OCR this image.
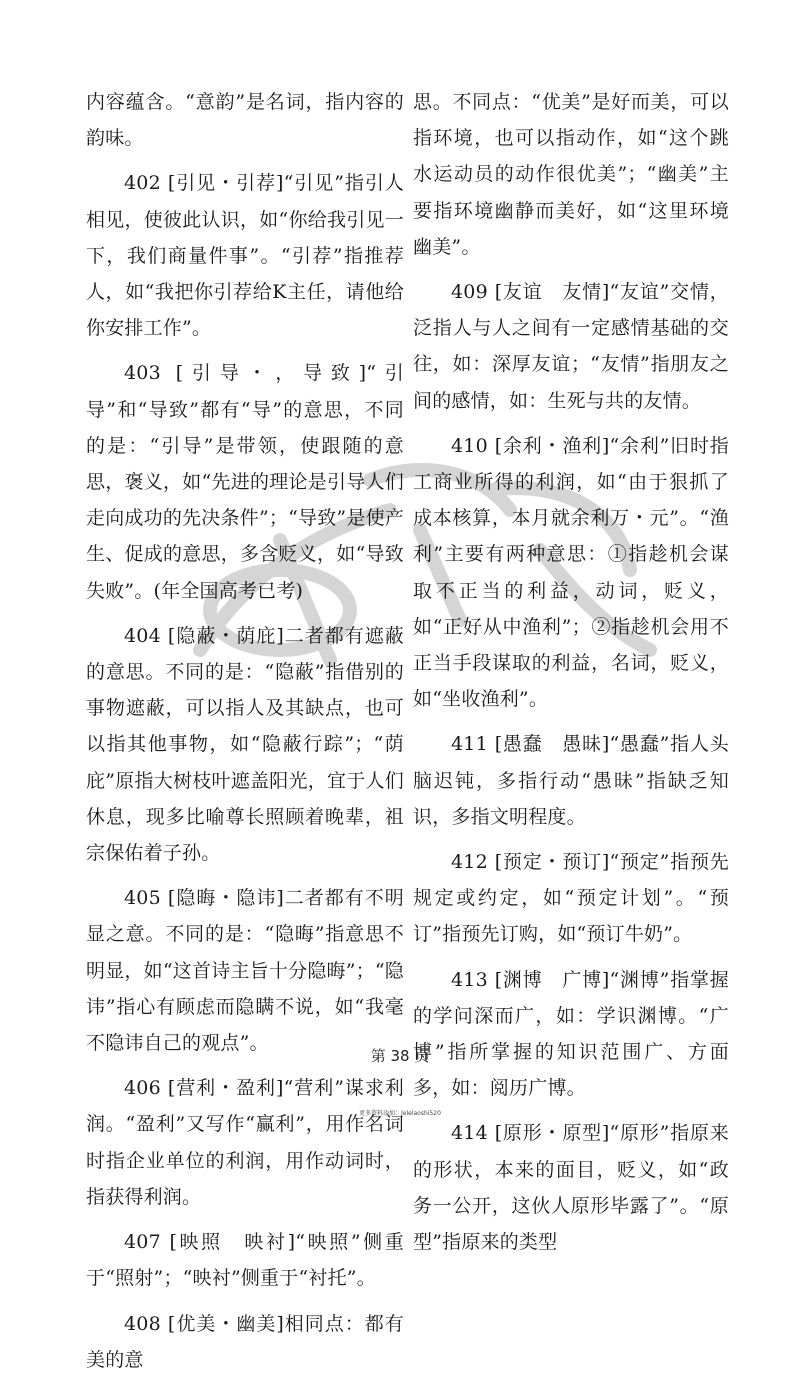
内容蕴含。“意韵”是名词，指内容的韵味。

402 [引见・引荐]“引见”指引人相见，使彼此认识，如“你给我引见一下，我们商量件事”。“引荐”指推荐人，如“我把你引荐给K主任，请他给你安排工作”。

403 [引导・，导致]“引导”和“导致”都有“导”的意思，不同的是：“引导”是带领，使跟随的意思，褒义，如“先进的理论是引导人们走向成功的先决条件”；“导致”是使产生、促成的意思，多含贬义，如“导致失败”。(年全国高考已考)

404 [隐蔽・荫庇]二者都有遮蔽的意思。不同的是：“隐蔽”指借别的事物遮蔽，可以指人及其缺点，也可以指其他事物，如“隐蔽行踪”；“荫庇”原指大树枝叶遮盖阳光，宜于人们休息，现多比喻尊长照顾着晚辈，祖宗保佑着子孙。

405 [隐晦・隐讳]二者都有不明显之意。不同的是：“隐晦”指意思不明显，如“这首诗主旨十分隐晦”；“隐讳”指心有顾虑而隐瞒不说，如“我毫不隐讳自己的观点”。

406 [营利・盈利]“营利”谋求利润。“盈利”又写作“赢利”，用作名词时指企业单位的利润，用作动词时，指获得利润。

407 [映照　映衬]“映照”侧重于“照射”；“映衬”侧重于“衬托”。

408 [优美・幽美]相同点：都有美的意

思。不同点：“优美”是好而美，可以指环境，也可以指动作，如“这个跳水运动员的动作很优美”；“幽美”主要指环境幽静而美好，如“这里环境幽美”。

409 [友谊　友情]“友谊”交情，泛指人与人之间有一定感情基础的交往，如：深厚友谊；“友情”指朋友之间的感情，如：生死与共的友情。

410 [余利・渔利]“余利”旧时指工商业所得的利润，如“由于狠抓了成本核算，本月就余利万・元”。“渔利”主要有两种意思：①指趁机会谋取不正当的利益，动词，贬义，如“正好从中渔利”；②指趁机会用不正当手段谋取的利益，名词，贬义，如“坐收渔利”。

411 [愚蠢　愚昧]“愚蠢”指人头脑迟钝，多指行动“愚昧”指缺乏知识，多指文明程度。

412 [预定・预订]“预定”指预先规定或约定，如“预定计划”。“预订”指预先订购，如“预订牛奶”。

413 [渊博　广博]“渊博”指掌握的学问深而广，如：学识渊博。“广博”指所掌握的知识范围广、方面多，如：阅历广博。

414 [原形・原型]“原形”指原来的形状，本来的面目，贬义，如“政务一公开，这伙人原形毕露了”。“原型”指原来的类型

第 38 页
更多资料添加：lelelaoshi520
